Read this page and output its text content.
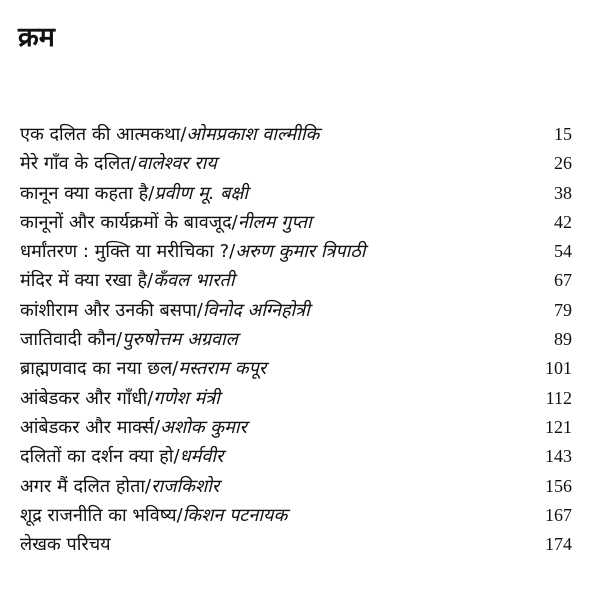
क्रम
एक दलित की आत्मकथा/ओमप्रकाश वाल्मीकि	15
मेरे गाँव के दलित/वालेश्वर राय	26
कानून क्या कहता है/प्रवीण मू. बक्षी	38
कानूनों और कार्यक्रमों के बावजूद/नीलम गुप्ता	42
धर्मांतरण : मुक्ति या मरीचिका ?/अरुण कुमार त्रिपाठी	54
मंदिर में क्या रखा है/कँवल भारती	67
कांशीराम और उनकी बसपा/विनोद अग्निहोत्री	79
जातिवादी कौन/पुरुषोत्तम अग्रवाल	89
ब्राह्मणवाद का नया छल/मस्तराम कपूर	101
आंबेडकर और गाँधी/गणेश मंत्री	112
आंबेडकर और मार्क्स/अशोक कुमार	121
दलितों का दर्शन क्या हो/धर्मवीर	143
अगर मैं दलित होता/राजकिशोर	156
शूद्र राजनीति का भविष्य/किशन पटनायक	167
लेखक परिचय	174
